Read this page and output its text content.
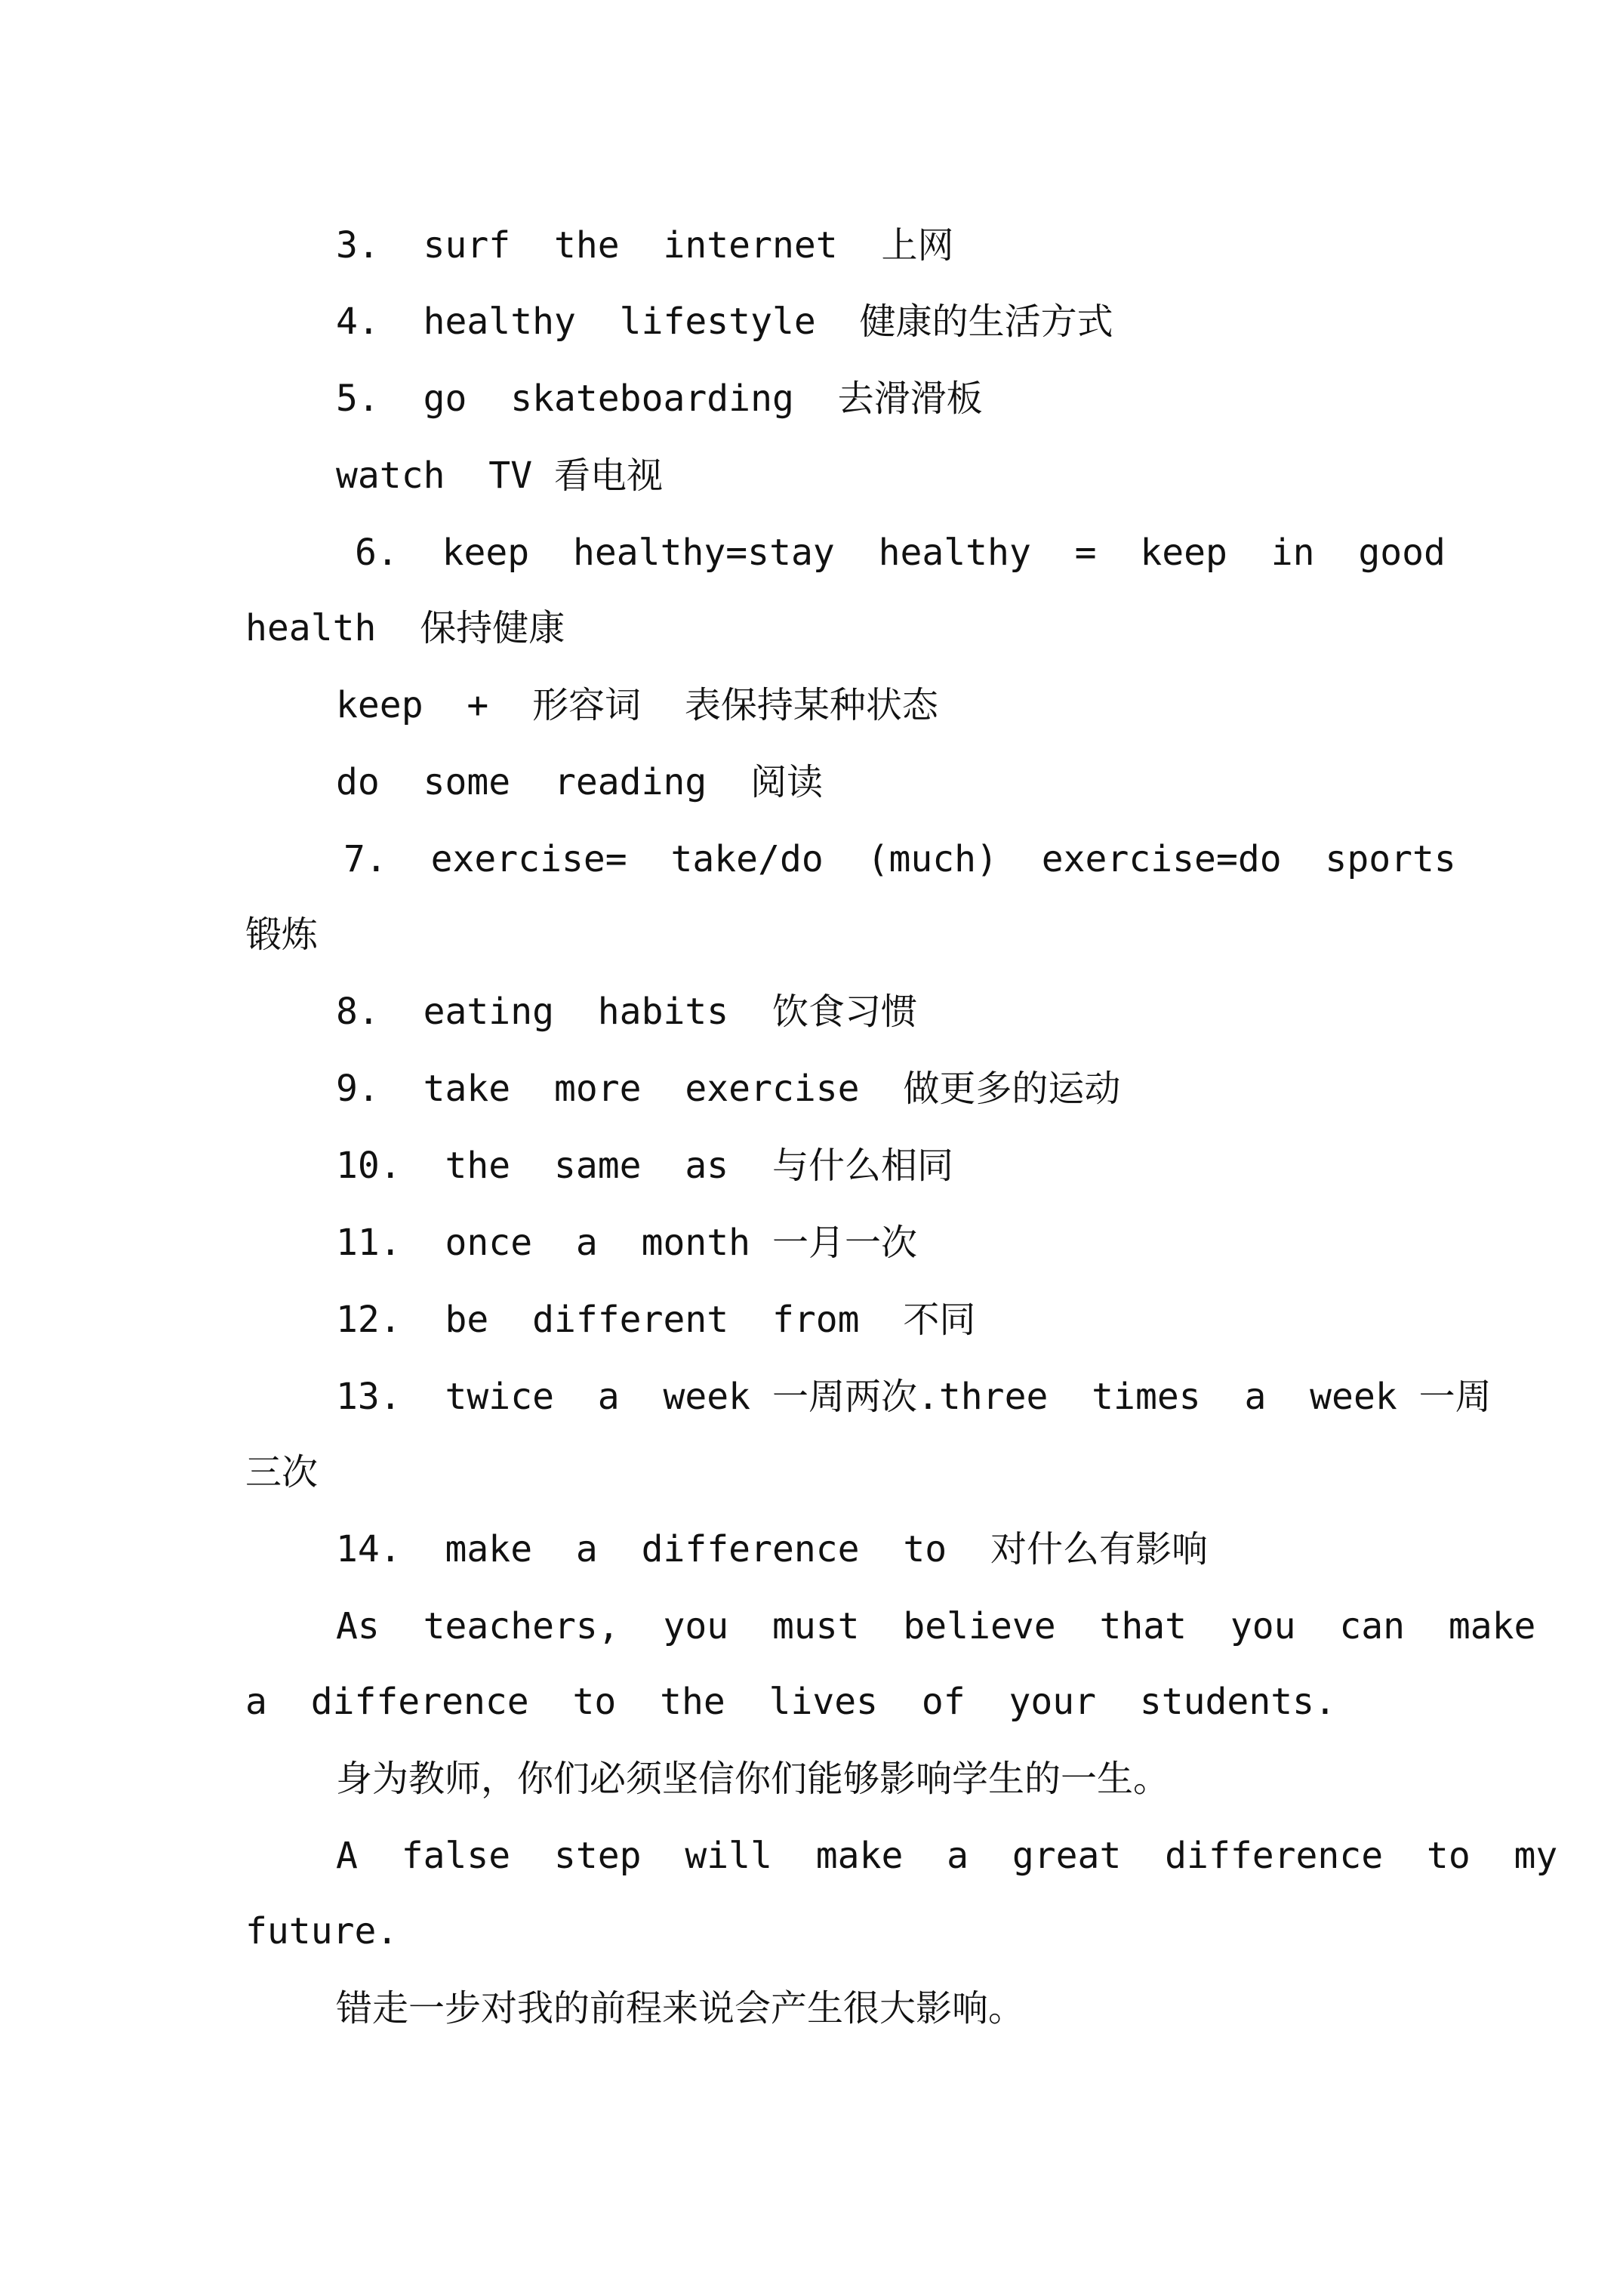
3.  surf  the  internet  上网
4.  healthy  lifestyle  健康的生活方式
5.  go  skateboarding  去滑滑板
watch  TV 看电视
6.  keep  healthy=stay  healthy  =  keep  in  good
health  保持健康
keep  +  形容词  表保持某种状态
do  some  reading  阅读
7.  exercise=  take/do  (much)  exercise=do  sports
锻炼
8.  eating  habits  饮食习惯
9.  take  more  exercise  做更多的运动
10.  the  same  as  与什么相同
11.  once  a  month 一月一次
12.  be  different  from  不同
13.  twice  a  week 一周两次.three  times  a  week 一周
三次
14.  make  a  difference  to  对什么有影响
As  teachers,  you  must  believe  that  you  can  make
a  difference  to  the  lives  of  your  students.
身为教师，你们必须坚信你们能够影响学生的一生。
A  false  step  will  make  a  great  difference  to  my
future.
错走一步对我的前程来说会产生很大影响。
